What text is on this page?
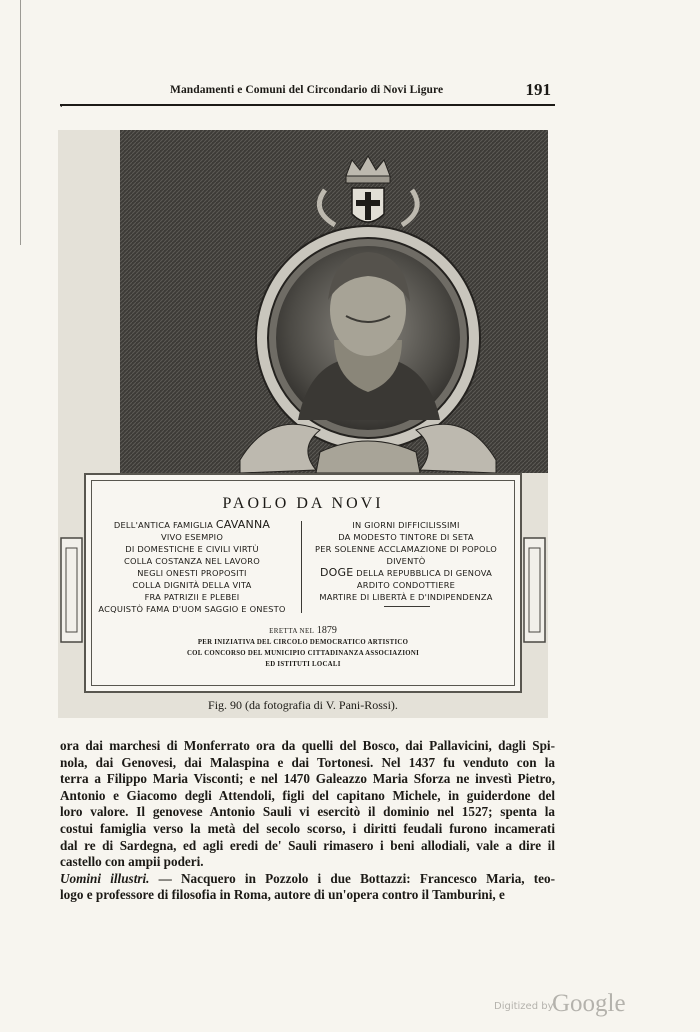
Mandamenti e Comuni del Circondario di Novi Ligure	191
PAOLO DA NOVI
DELL'ANTICA FAMIGLIA CAVANNA
VIVO ESEMPIO
DI DOMESTICHE E CIVILI VIRTÙ
COLLA COSTANZA NEL LAVORO
NEGLI ONESTI PROPOSITI
COLLA DIGNITÀ DELLA VITA
FRA PATRIZII E PLEBEI
ACQUISTÒ FAMA D'UOM SAGGIO E ONESTO
IN GIORNI DIFFICILISSIMI
DA MODESTO TINTORE DI SETA
PER SOLENNE ACCLAMAZIONE DI POPOLO
DIVENTÒ
DOGE DELLA REPUBBLICA DI GENOVA
ARDITO CONDOTTIERE
MARTIRE DI LIBERTÀ E D'INDIPENDENZA
ERETTA NEL 1879
PER INIZIATIVA DEL CIRCOLO DEMOCRATICO ARTISTICO
COL CONCORSO DEL MUNICIPIO CITTADINANZA ASSOCIAZIONI
ED ISTITUTI LOCALI
Fig. 90 (da fotografia di V. Pani-Rossi).

ora dai marchesi di Monferrato ora da quelli del Bosco, dai Pallavicini, dagli Spi-

nola, dai Genovesi, dai Malaspina e dai Tortonesi. Nel 1437 fu venduto con la

terra a Filippo Maria Visconti; e nel 1470 Galeazzo Maria Sforza ne investì Pietro,

Antonio e Giacomo degli Attendoli, figli del capitano Michele, in guiderdone del

loro valore. Il genovese Antonio Sauli vi esercitò il dominio nel 1527; spenta la

costui famiglia verso la metà del secolo scorso, i diritti feudali furono incamerati

dal re di Sardegna, ed agli eredi de' Sauli rimasero i beni allodiali, vale a dire il

castello con ampii poderi.

Uomini illustri. — Nacquero in Pozzolo i due Bottazzi: Francesco Maria, teo-

logo e professore di filosofia in Roma, autore di un'opera contro il Tamburini, e

Digitized by
Google
